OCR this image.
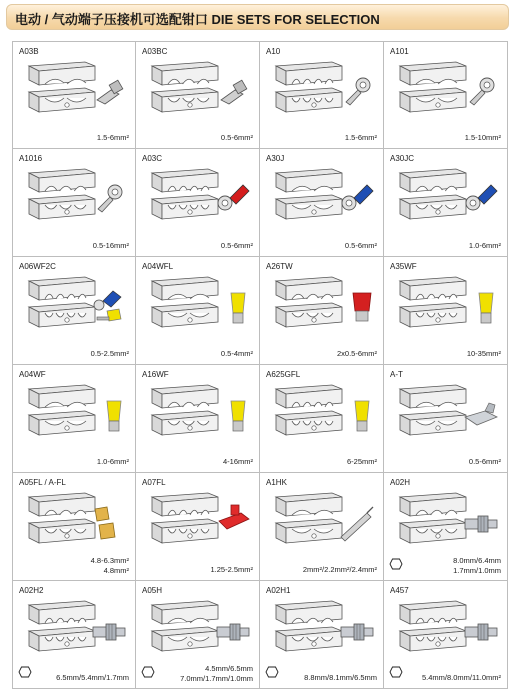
电动 / 气动端子压接机可选配钳口 DIE SETS FOR SELECTION
A03B
1.5-6mm²
A03BC
0.5-6mm²
A10
1.5-6mm²
A101
1.5-10mm²
A1016
0.5-16mm²
A03C
0.5-6mm²
A30J
0.5-6mm²
A30JC
1.0-6mm²
A06WF2C
0.5-2.5mm²
A04WFL
0.5-4mm²
A26TW
2x0.5-6mm²
A35WF
10-35mm²
A04WF
1.0-6mm²
A16WF
4-16mm²
A625GFL
6-25mm²
A-T
0.5-6mm²
A05FL / A-FL
4.8-6.3mm²
4.8mm²
A07FL
1.25-2.5mm²
A1HK
2mm²/2.2mm²/2.4mm²
A02H
8.0mm/6.4mm
1.7mm/1.0mm
A02H2
6.5mm/5.4mm/1.7mm
A05H
4.5mm/6.5mm
7.0mm/1.7mm/1.0mm
A02H1
8.8mm/8.1mm/6.5mm
A457
5.4mm/8.0mm/11.0mm²
